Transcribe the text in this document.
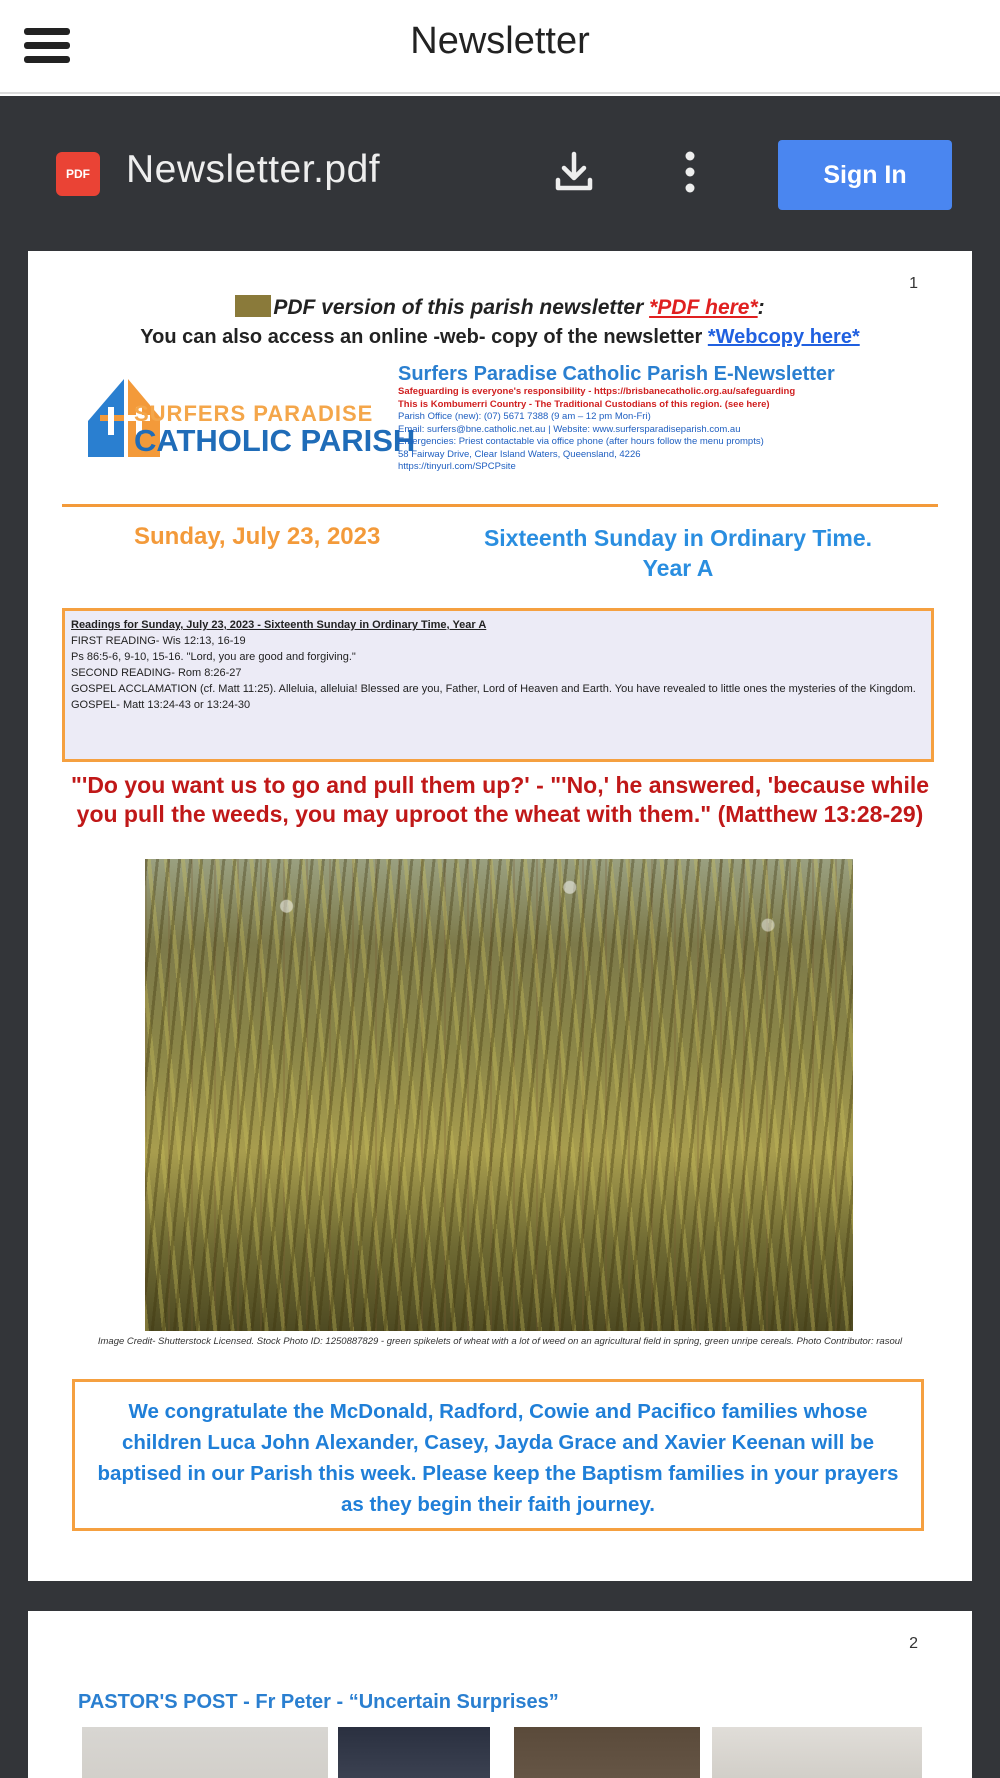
Newsletter
PDF Newsletter.pdf	Sign In
1
PDF version of this parish newsletter *PDF here*:
You can also access an online -web- copy of the newsletter *Webcopy here*
SURFERS PARADISE
CATHOLIC PARISH
Surfers Paradise Catholic Parish E-Newsletter
Safeguarding is everyone's responsibility - https://brisbanecatholic.org.au/safeguarding
This is Kombumerri Country - The Traditional Custodians of this region. (see here)
Parish Office (new): (07) 5671 7388 (9 am – 12 pm Mon-Fri)
Email: surfers@bne.catholic.net.au | Website: www.surfersparadiseparish.com.au
Emergencies: Priest contactable via office phone (after hours follow the menu prompts)
58 Fairway Drive, Clear Island Waters, Queensland, 4226
https://tinyurl.com/SPCPsite
Sunday, July 23, 2023	Sixteenth Sunday in Ordinary Time. Year A

Readings for Sunday, July 23, 2023 - Sixteenth Sunday in Ordinary Time, Year A

FIRST READING- Wis 12:13, 16-19

Ps 86:5-6, 9-10, 15-16. "Lord, you are good and forgiving."

SECOND READING- Rom 8:26-27

GOSPEL ACCLAMATION (cf. Matt 11:25). Alleluia, alleluia! Blessed are you, Father, Lord of Heaven and Earth. You have revealed to little ones the mysteries of the Kingdom.

GOSPEL- Matt 13:24-43 or 13:24-30

"'Do you want us to go and pull them up?' - "'No,' he answered, 'because while you pull the weeds, you may uproot the wheat with them." (Matthew 13:28-29)
Image Credit- Shutterstock Licensed. Stock Photo ID: 1250887829 - green spikelets of wheat with a lot of weed on an agricultural field in spring, green unripe cereals. Photo Contributor: rasoul
We congratulate the McDonald, Radford, Cowie and Pacifico families whose children Luca John Alexander, Casey, Jayda Grace and Xavier Keenan will be baptised in our Parish this week. Please keep the Baptism families in your prayers as they begin their faith journey.
2
PASTOR'S POST - Fr Peter - “Uncertain Surprises”
